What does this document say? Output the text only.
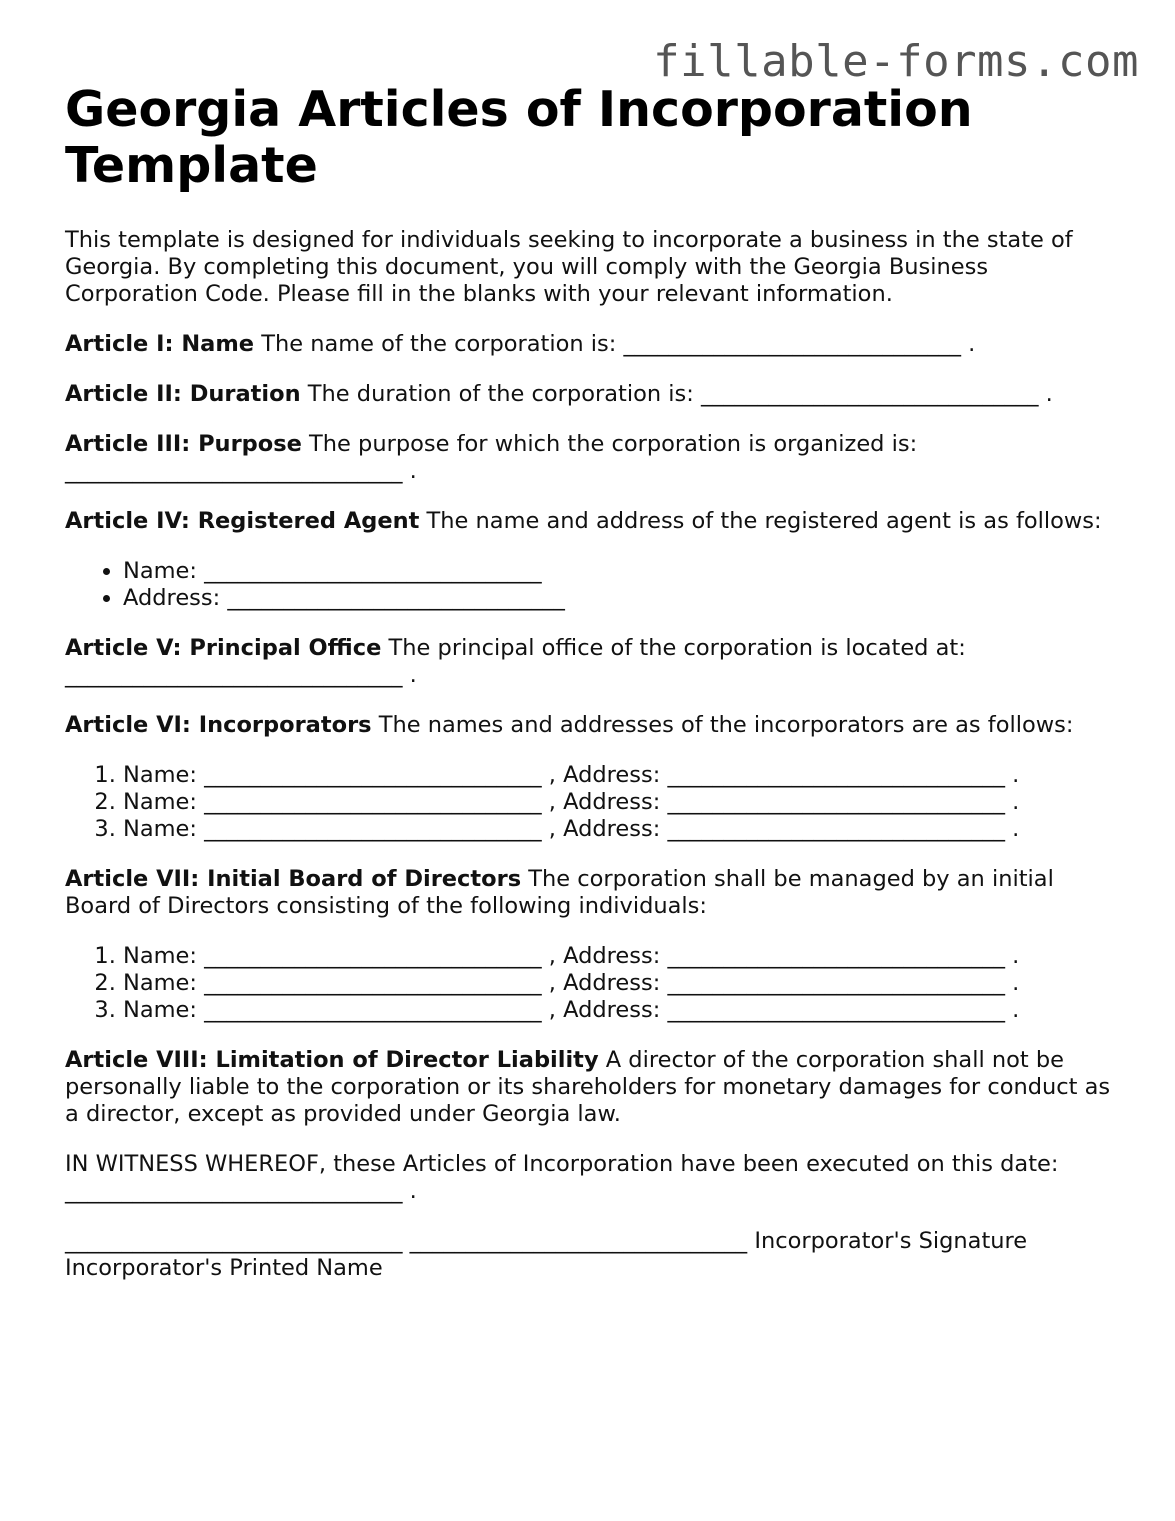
fillable-forms.com
Georgia Articles of Incorporation Template

This template is designed for individuals seeking to incorporate a business in the state of Georgia. By completing this document, you will comply with the Georgia Business Corporation Code. Please fill in the blanks with your relevant information.

Article I: Name The name of the corporation is: ______________________________ .

Article II: Duration The duration of the corporation is: ______________________________ .

Article III: Purpose The purpose for which the corporation is organized is: ______________________________ .

Article IV: Registered Agent The name and address of the registered agent is as follows:

• Name: ______________________________
• Address: ______________________________

Article V: Principal Office The principal office of the corporation is located at: ______________________________ .

Article VI: Incorporators The names and addresses of the incorporators are as follows:

1. Name: ______________________________ , Address: ______________________________ .
2. Name: ______________________________ , Address: ______________________________ .
3. Name: ______________________________ , Address: ______________________________ .

Article VII: Initial Board of Directors The corporation shall be managed by an initial Board of Directors consisting of the following individuals:

1. Name: ______________________________ , Address: ______________________________ .
2. Name: ______________________________ , Address: ______________________________ .
3. Name: ______________________________ , Address: ______________________________ .

Article VIII: Limitation of Director Liability A director of the corporation shall not be personally liable to the corporation or its shareholders for monetary damages for conduct as a director, except as provided under Georgia law.

IN WITNESS WHEREOF, these Articles of Incorporation have been executed on this date: ______________________________ .

______________________________ ______________________________ Incorporator's Signature Incorporator's Printed Name
